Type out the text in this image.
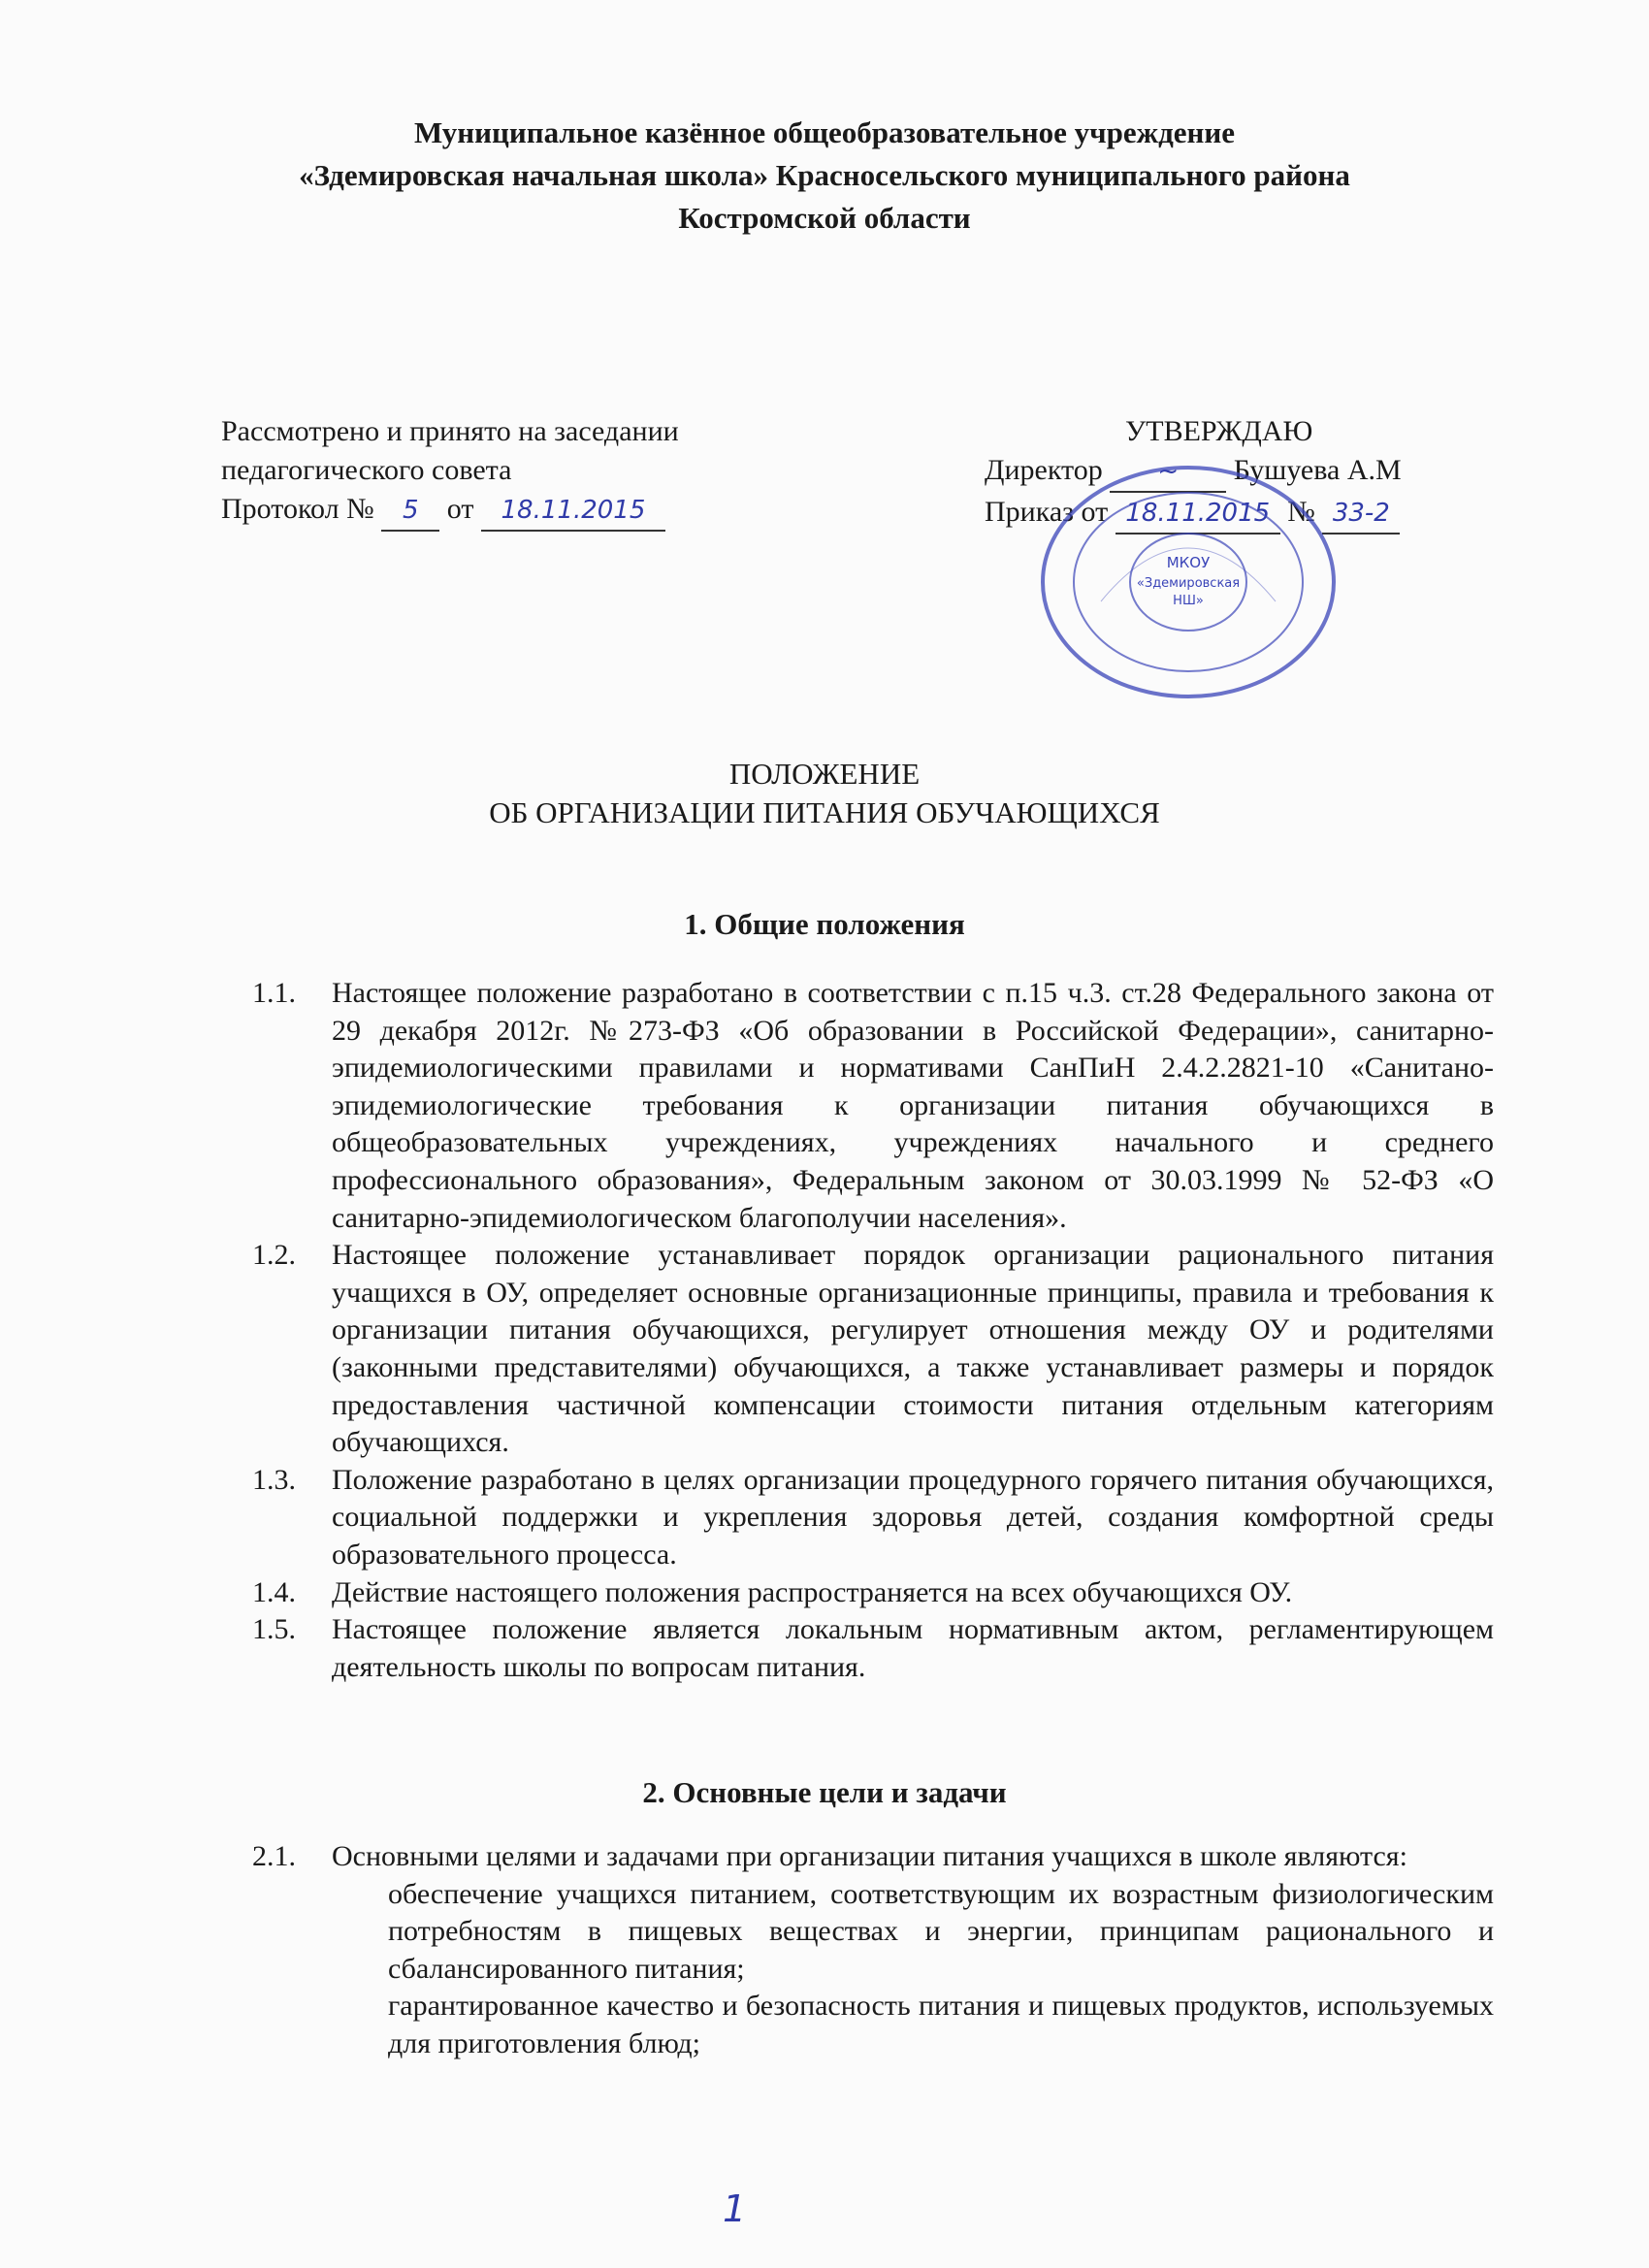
Муниципальное казённое общеобразовательное учреждение
«Здемировская начальная школа» Красносельского муниципального района
Костромской области
Рассмотрено и принято на заседании
педагогического совета
Протокол № 5 от 18.11.2015
УТВЕРЖДАЮ
Директор ~ Бушуева А.М
Приказ от 18.11.2015 № 33-2
МКОУ
«Здемировская
НШ»
ПОЛОЖЕНИЕ
ОБ ОРГАНИЗАЦИИ ПИТАНИЯ ОБУЧАЮЩИХСЯ
1. Общие положения
1.1.	Настоящее положение разработано в соответствии с п.15 ч.3. ст.28 Федерального закона от 29 декабря 2012г. №273-ФЗ «Об образовании в Российской Федерации», санитарно-эпидемиологическими правилами и нормативами СанПиН 2.4.2.2821-10 «Санитано-эпидемиологические требования к организации питания обучающихся в общеобразовательных учреждениях, учреждениях начального и среднего профессионального образования», Федеральным законом от 30.03.1999 № 52-ФЗ «О санитарно-эпидемиологическом благополучии населения».
1.2.	Настоящее положение устанавливает порядок организации рационального питания учащихся в ОУ, определяет основные организационные принципы, правила и требования к организации питания обучающихся, регулирует отношения между ОУ и родителями (законными представителями) обучающихся, а также устанавливает размеры и порядок предоставления частичной компенсации стоимости питания отдельным категориям обучающихся.
1.3.	Положение разработано в целях организации процедурного горячего питания обучающихся, социальной поддержки и укрепления здоровья детей, создания комфортной среды образовательного процесса.
1.4.	Действие настоящего положения распространяется на всех обучающихся ОУ.
1.5.	Настоящее положение является локальным нормативным актом, регламентирующем деятельность школы по вопросам питания.
2. Основные цели и задачи
2.1.	Основными целями и задачами при организации питания учащихся в школе являются:
обеспечение учащихся питанием, соответствующим их возрастным физиологическим потребностям в пищевых веществах и энергии, принципам рационального и сбалансированного питания;
гарантированное качество и безопасность питания и пищевых продуктов, используемых для приготовления блюд;
1
